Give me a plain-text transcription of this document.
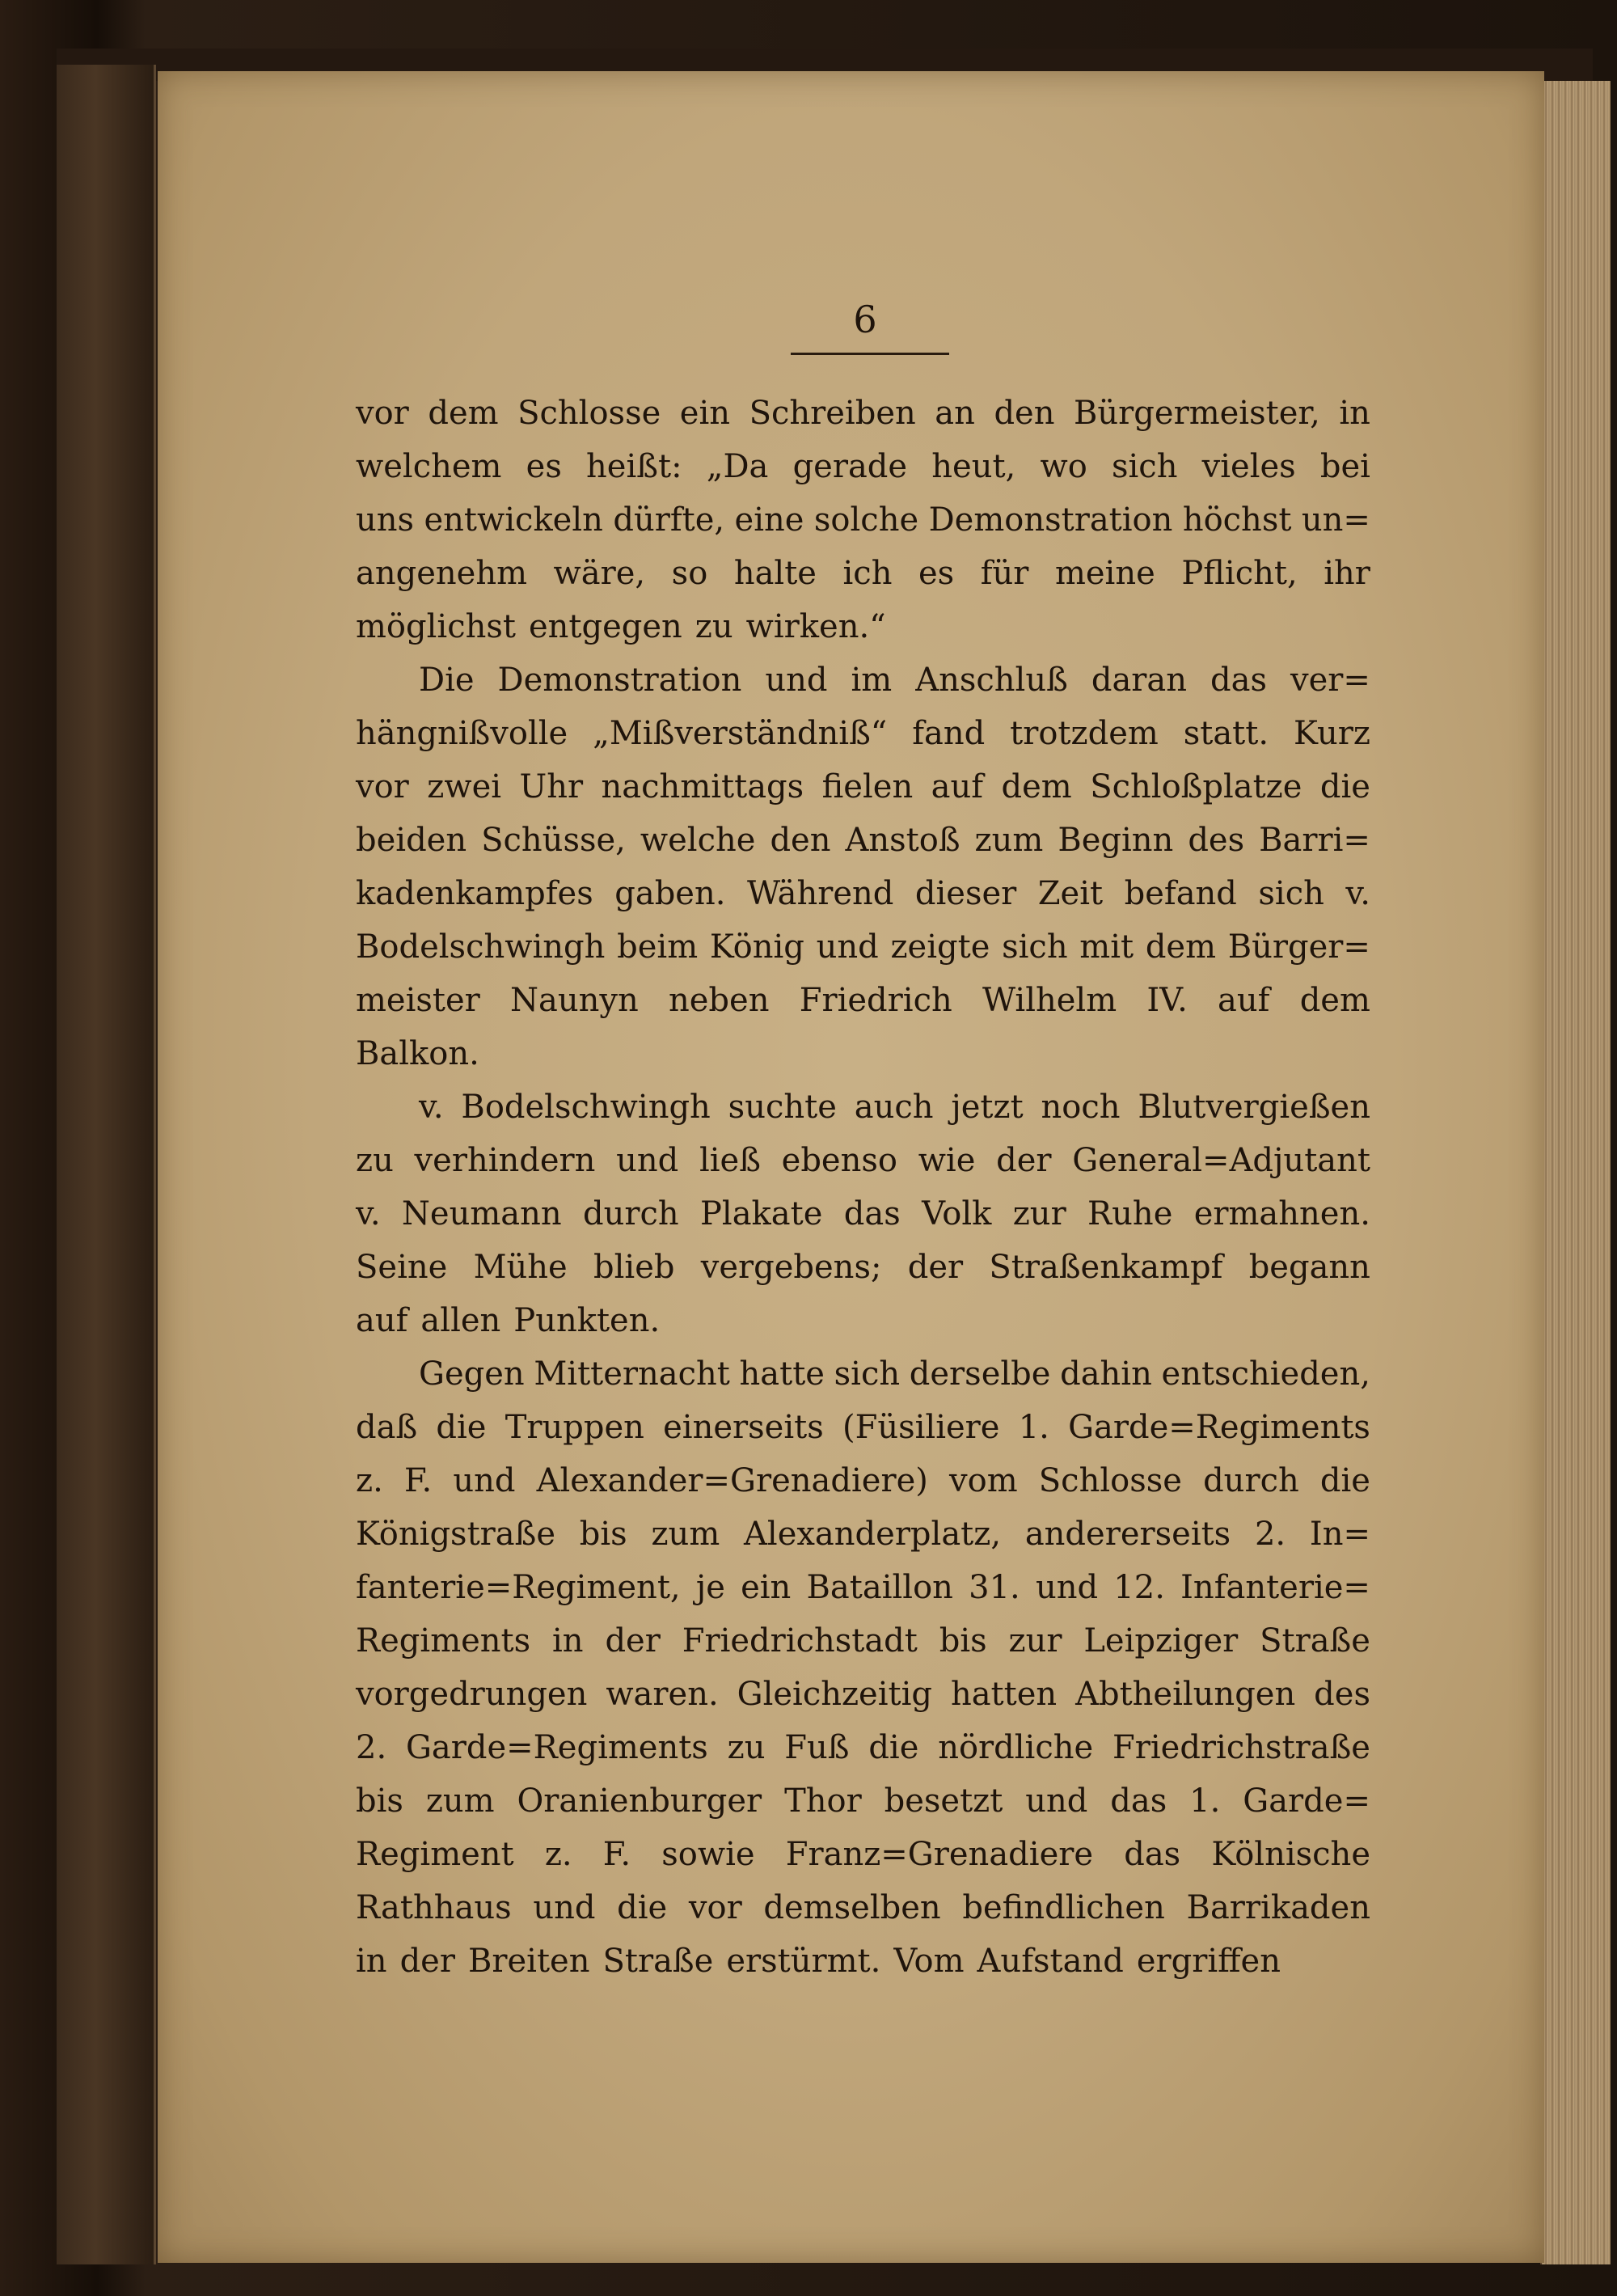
6
vor dem Schlosse ein Schreiben an den Bürgermeister, in
welchem es heißt: „Da gerade heut, wo sich vieles bei
uns entwickeln dürfte, eine solche Demonstration höchst un=
angenehm wäre, so halte ich es für meine Pflicht, ihr
möglichst entgegen zu wirken.“
Die Demonstration und im Anschluß daran das ver=
hängnißvolle „Mißverständniß“ fand trotzdem statt. Kurz
vor zwei Uhr nachmittags fielen auf dem Schloßplatze die
beiden Schüsse, welche den Anstoß zum Beginn des Barri=
kadenkampfes gaben. Während dieser Zeit befand sich v.
Bodelschwingh beim König und zeigte sich mit dem Bürger=
meister Naunyn neben Friedrich Wilhelm IV. auf dem
Balkon.
v. Bodelschwingh suchte auch jetzt noch Blutvergießen
zu verhindern und ließ ebenso wie der General=Adjutant
v. Neumann durch Plakate das Volk zur Ruhe ermahnen.
Seine Mühe blieb vergebens; der Straßenkampf begann
auf allen Punkten.
Gegen Mitternacht hatte sich derselbe dahin entschieden,
daß die Truppen einerseits (Füsiliere 1. Garde=Regiments
z. F. und Alexander=Grenadiere) vom Schlosse durch die
Königstraße bis zum Alexanderplatz, andererseits 2. In=
fanterie=Regiment, je ein Bataillon 31. und 12. Infanterie=
Regiments in der Friedrichstadt bis zur Leipziger Straße
vorgedrungen waren. Gleichzeitig hatten Abtheilungen des
2. Garde=Regiments zu Fuß die nördliche Friedrichstraße
bis zum Oranienburger Thor besetzt und das 1. Garde=
Regiment z. F. sowie Franz=Grenadiere das Kölnische
Rathhaus und die vor demselben befindlichen Barrikaden
in der Breiten Straße erstürmt. Vom Aufstand ergriffen
